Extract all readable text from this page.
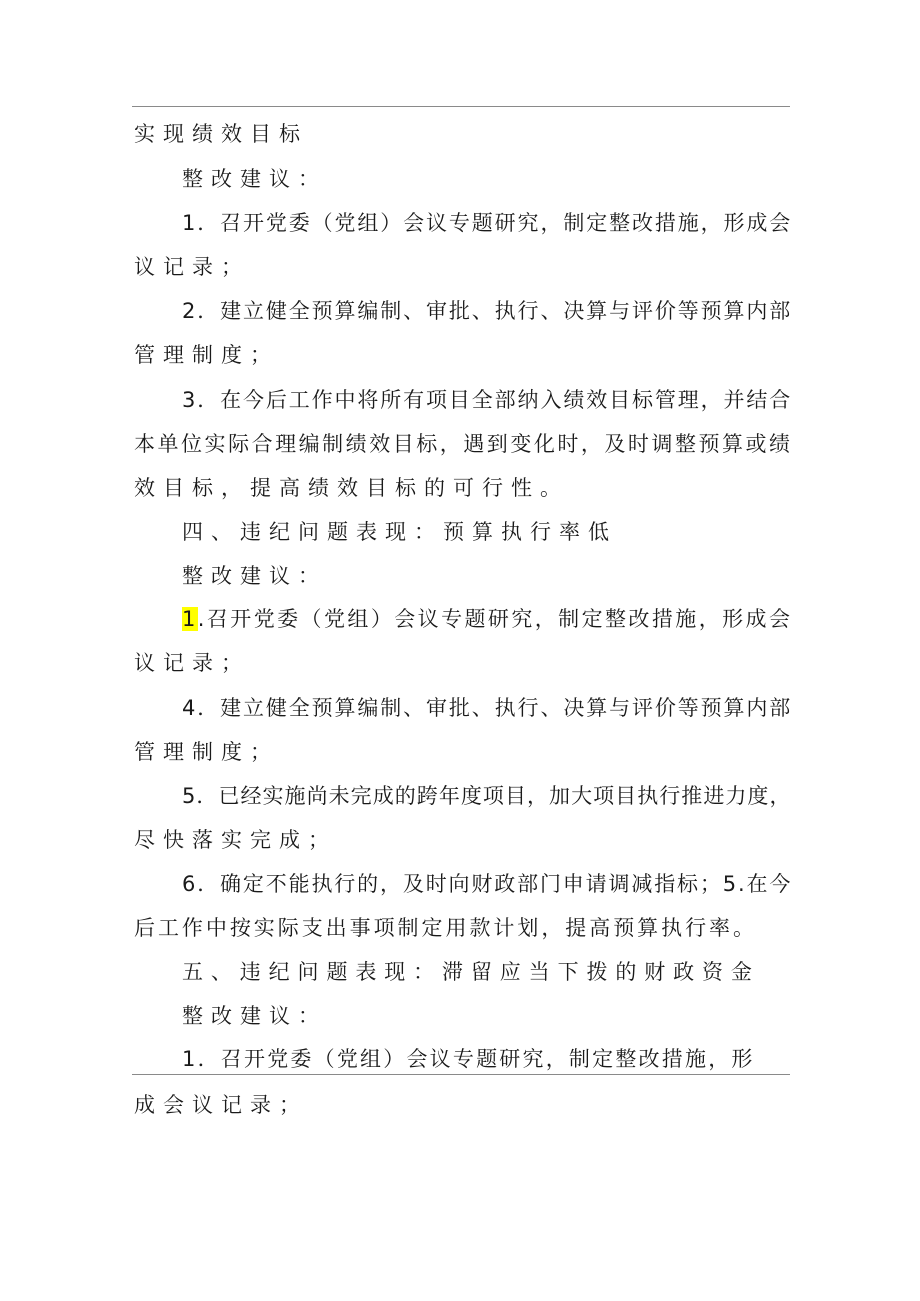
实现绩效目标
整改建议：
1．召开党委（党组）会议专题研究，制定整改措施，形成会
议记录；
2．建立健全预算编制、审批、执行、决算与评价等预算内部
管理制度；
3．在今后工作中将所有项目全部纳入绩效目标管理，并结合
本单位实际合理编制绩效目标，遇到变化时，及时调整预算或绩
效目标，提高绩效目标的可行性。
四、违纪问题表现：预算执行率低
整改建议：
1.召开党委（党组）会议专题研究，制定整改措施，形成会
议记录；
4．建立健全预算编制、审批、执行、决算与评价等预算内部
管理制度；
5．已经实施尚未完成的跨年度项目，加大项目执行推进力度，
尽快落实完成；
6．确定不能执行的，及时向财政部门申请调减指标；5.在今
后工作中按实际支出事项制定用款计划，提高预算执行率。
五、违纪问题表现：滞留应当下拨的财政资金
整改建议：
1．召开党委（党组）会议专题研究，制定整改措施，形
成会议记录；
